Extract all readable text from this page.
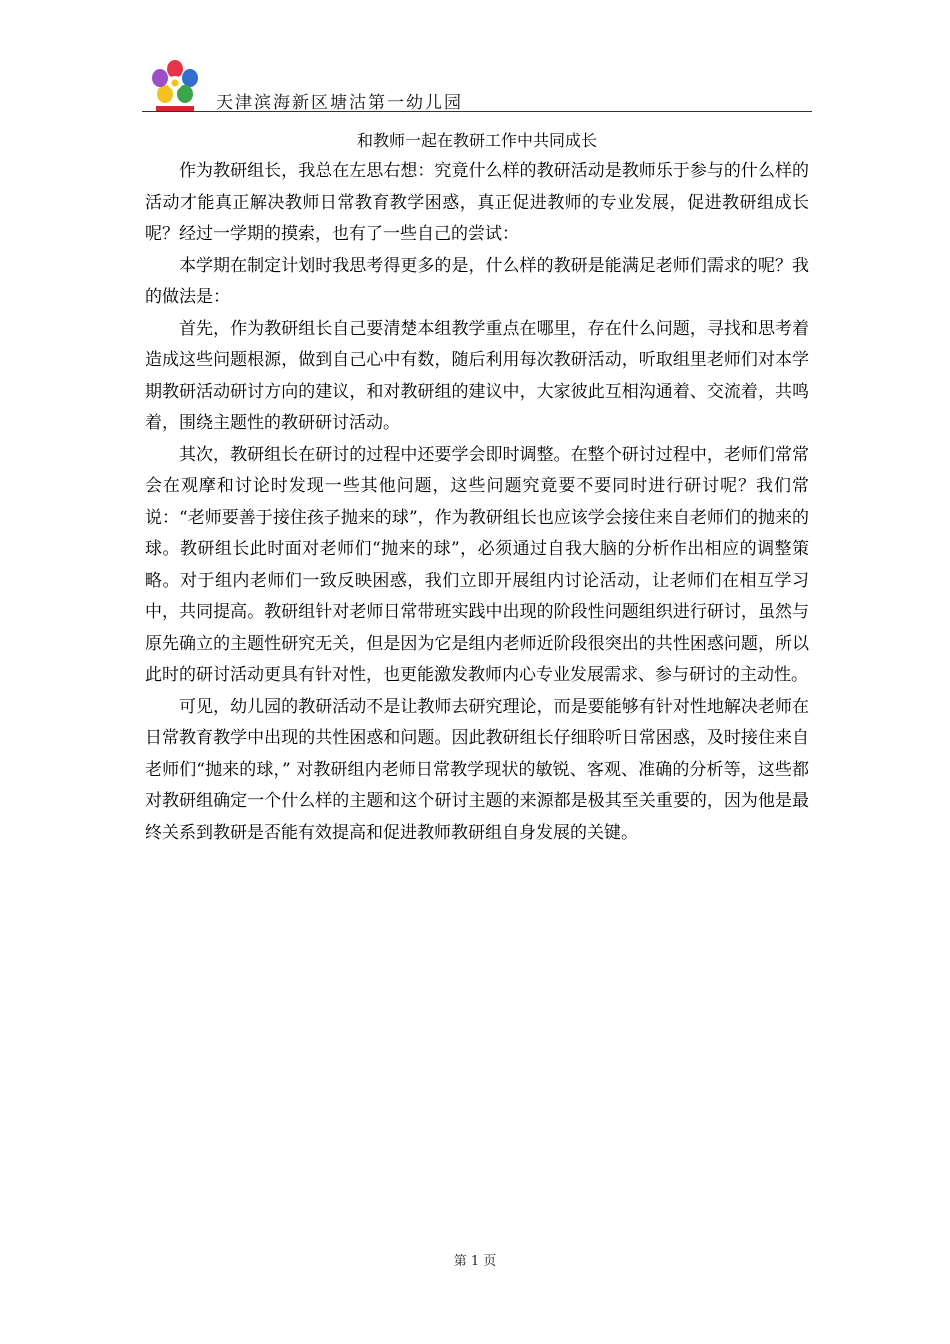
天津滨海新区塘沽第一幼儿园
和教师一起在教研工作中共同成长

作为教研组长，我总在左思右想：究竟什么样的教研活动是教师乐于参与的什么样的活动才能真正解决教师日常教育教学困惑，真正促进教师的专业发展，促进教研组成长呢？经过一学期的摸索，也有了一些自己的尝试：

本学期在制定计划时我思考得更多的是，什么样的教研是能满足老师们需求的呢？我的做法是：

首先，作为教研组长自己要清楚本组教学重点在哪里，存在什么问题，寻找和思考着造成这些问题根源，做到自己心中有数，随后利用每次教研活动，听取组里老师们对本学期教研活动研讨方向的建议，和对教研组的建议中，大家彼此互相沟通着、交流着，共鸣着，围绕主题性的教研研讨活动。

其次，教研组长在研讨的过程中还要学会即时调整。在整个研讨过程中，老师们常常会在观摩和讨论时发现一些其他问题，这些问题究竟要不要同时进行研讨呢？我们常说：“老师要善于接住孩子抛来的球”，作为教研组长也应该学会接住来自老师们的抛来的球。教研组长此时面对老师们“抛来的球”，必须通过自我大脑的分析作出相应的调整策略。对于组内老师们一致反映困惑，我们立即开展组内讨论活动，让老师们在相互学习中，共同提高。教研组针对老师日常带班实践中出现的阶段性问题组织进行研讨，虽然与原先确立的主题性研究无关，但是因为它是组内老师近阶段很突出的共性困惑问题，所以此时的研讨活动更具有针对性，也更能激发教师内心专业发展需求、参与研讨的主动性。

可见，幼儿园的教研活动不是让教师去研究理论，而是要能够有针对性地解决老师在日常教育教学中出现的共性困惑和问题。因此教研组长仔细聆听日常困惑，及时接住来自老师们“抛来的球，” 对教研组内老师日常教学现状的敏锐、客观、准确的分析等，这些都对教研组确定一个什么样的主题和这个研讨主题的来源都是极其至关重要的，因为他是最终关系到教研是否能有效提高和促进教师教研组自身发展的关键。

第 1 页
